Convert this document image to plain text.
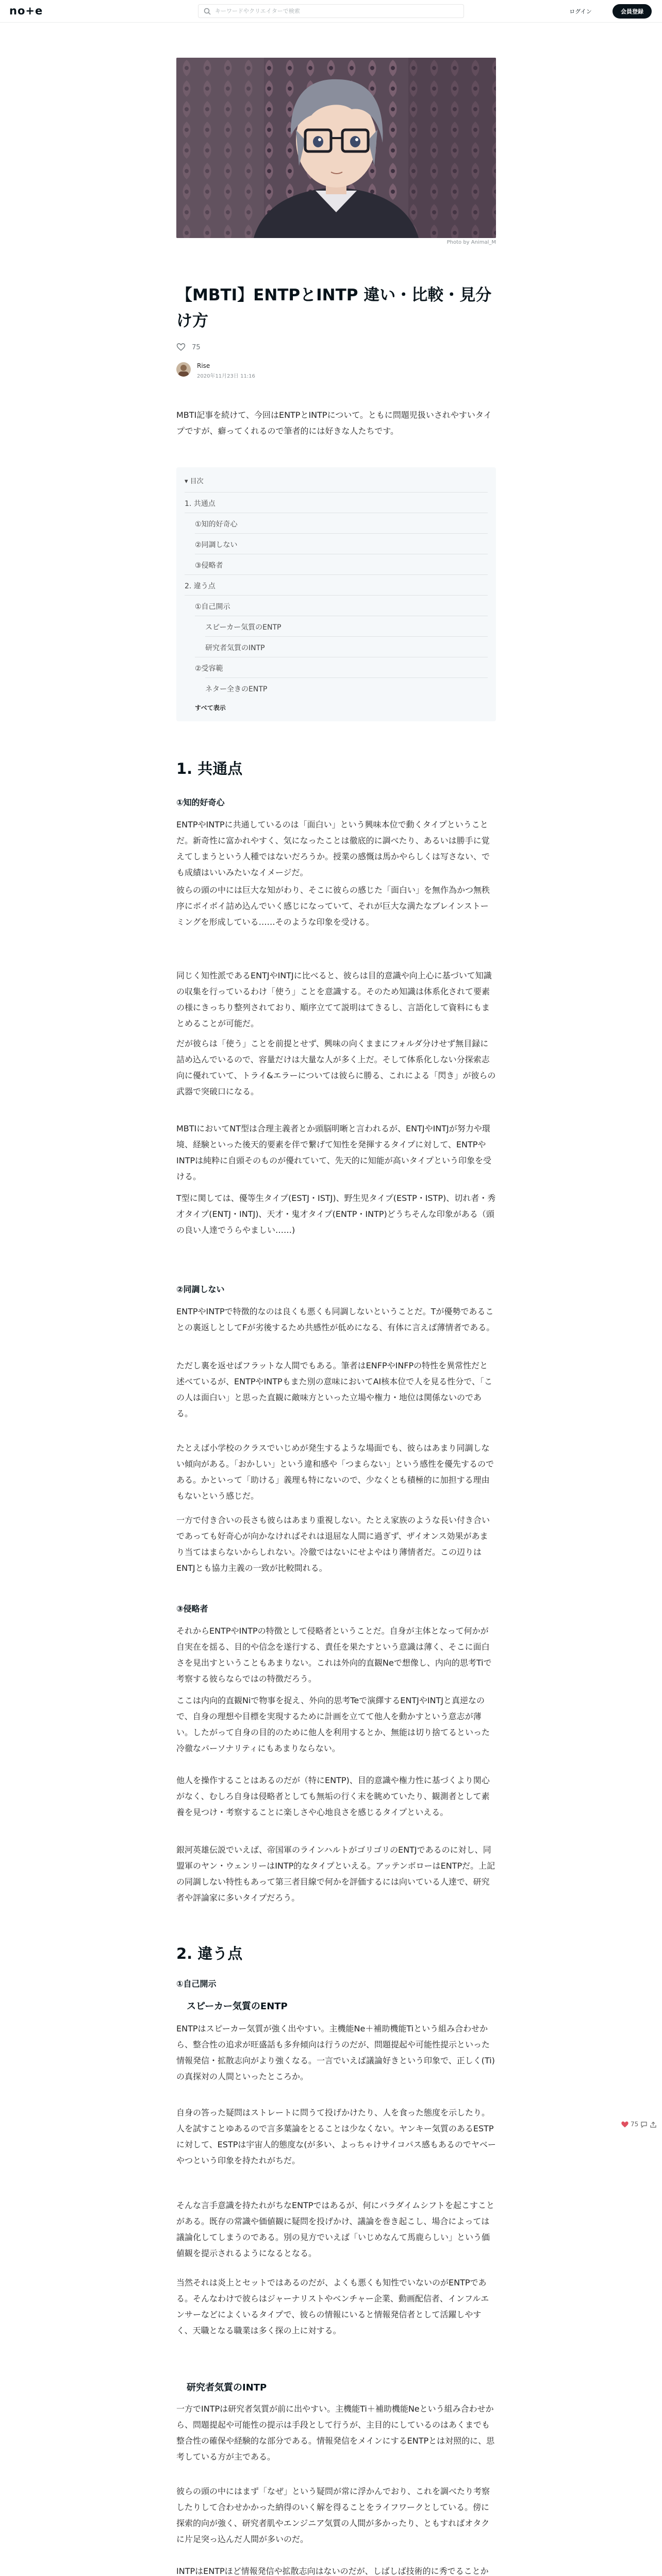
no+e
キーワードやクリエイターで検索	ログイン	会員登録
Photo by Animal_M
【MBTI】ENTPとINTP 違い・比較・見分け方
75
Rise
2020年11月23日 11:16

MBTI記事を続けて、今回はENTPとINTPについて。ともに問題児扱いされやすいタイプですが、癖ってくれるので筆者的には好きな人たちです。

▾ 目次
1. 共通点
①知的好奇心
②同調しない
③侵略者
2. 違う点
①自己開示
スピーカー気質のENTP
研究者気質のINTP
②受容範
ネター全きのENTP
すべて表示
1. 共通点
①知的好奇心

ENTPやINTPに共通しているのは「面白い」という興味本位で動くタイプということだ。新奇性に富かれやすく、気になったことは徹底的に調べたり、あるいは勝手に覚えてしまうという人種ではないだろうか。授業の感慨は馬かやらしくは写さない、でも成績はいいみたいなイメージだ。

彼らの頭の中には巨大な知がわり、そこに彼らの感じた「面白い」を無作為かつ無秩序にボイボイ詰め込んでいく感じになっていて、それが巨大な満たなブレインストーミングを形成している……そのような印象を受ける。

同じく知性派であるENTJやINTJに比べると、彼らは目的意識や向上心に基づいて知識の収集を行っているわけ「使う」ことを意識する。そのため知識は体系化されて要素の様にきっちり整列されており、順序立てて説明はてきるし、言語化して資料にもまとめることが可能だ。

だが彼らは「使う」ことを前提とせず、興味の向くままにフォルダ分けせず無目録に詰め込んでいるので、容量だけは大量な人が多く上だ。そして体系化しない分探索志向に優れていて、トライ&エラーについては彼らに勝る、これによる「閃き」が彼らの武器で突破口になる。

MBTIにおいてNT型は合理主義者とか頭脳明晰と言われるが、ENTJやINTJが努力や環境、経験といった後天的要素を伴で繋げて知性を発揮するタイプに対して、ENTPやINTPは純粋に自頭そのものが優れていて、先天的に知能が高いタイプという印象を受ける。

T型に関しては、優等生タイプ(ESTJ・ISTJ)、野生児タイプ(ESTP・ISTP)、切れ者・秀才タイプ(ENTJ・INTJ)、天才・鬼才タイプ(ENTP・INTP)どうちそんな印象がある（頭の良い人達でうらやましい……)

②同調しない

ENTPやINTPで特徴的なのは良くも悪くも同調しないということだ。Tが優勢であることの裏返しとしてFが劣後するため共感性が低めになる、有体に言えば薄情者である。

ただし裏を返せばフラットな人間でもある。筆者はENFPやINFPの特性を異常性だと述べているが、ENTPやINTPもまた別の意味においてAI核本位で人を見る性分で、「この人は面白い」と思った直観に敵味方といった立場や権力・地位は関係ないのである。

たとえば小学校のクラスでいじめが発生するような場面でも、彼らはあまり同調しない傾向がある。「おかしい」という違和感や「つまらない」という感性を優先するのである。かといって「助ける」義理も特にないので、少なくとも積極的に加担する理由もないという感じだ。

一方で付き合いの長さも彼らはあまり重視しない。たとえ家族のような長い付き合いであっても好奇心が向かなければそれは退屈な人間に過ぎず、ザイオンス効果があまり当てはまらないからしれない。冷徹ではないにせよやはり薄情者だ。この辺りはENTJとも協力主義の一致が比較間れる。

③侵略者

それからENTPやINTPの特徴として侵略者ということだ。自身が主体となって何かが自実在を揺る、目的や信念を遂行する、責任を果たすという意識は薄く、そこに面白さを見出すということもあまりない。これは外向的直観Neで想像し、内向的思考Tiで考察する彼らならではの特徴だろう。

ここは内向的直観Niで物事を捉え、外向的思考Teで演繹するENTJやINTJと真逆なので、自身の理想や目標を実現するために計画を立てて他人を動かすという意志が薄い。したがって自身の目的のために他人を利用するとか、無能は切り捨てるといった冷徹なパーソナリティにもあまりならない。

他人を操作することはあるのだが（特にENTP)、目的意識や権力性に基づくより関心がなく、むしろ自身は侵略者としても無垢の行く末を眺めていたり、観測者として素養を見つけ・考察することに楽しさや心地良さを感じるタイプといえる。

銀河英雄伝説でいえば、帝国軍のラインハルトがゴリゴリのENTJであるのに対し、同盟軍のヤン・ウェンリーはINTP的なタイプといえる。アッテンボローはENTPだ。上記の同調しない特性もあって第三者目線で何かを評価するには向いている人達で、研究者や評論家に多いタイプだろう。

2. 違う点
①自己開示
スピーカー気質のENTP

ENTPはスピーカー気質が強く出やすい。主機能Ne＋補助機能Tiという組み合わせから、整合性の追求が旺盛話も多弁傾向は行うのだが、問題提起や可能性提示といった情報発信・拡散志向がより強くなる。一言でいえば議論好きという印象で、正しく(Ti)の真探対の人間といったところか。

自身の答った疑問はストレートに問うて投げかけたり、人を食った態度を示したり。人を試すことゆあるので言多葉論をとることは少なくない。ヤンキー気質のあるESTPに対して、ESTPは宇宙人的態度な(が多い、よっちゃけサイコパス感もあるのでヤベーやつという印象を持たれがちだ。

そんな言手意識を持たれがちなENTPではあるが、何にパラダイムシフトを起こすことがある。既存の常識や価値観に疑問を投げかけ、議論を巻き起こし、場合によっては議論化してしまうのである。別の見方でいえば「いじめなんて馬鹿らしい」という価値観を提示されるようになるとなる。

当然それは炎上とセットではあるのだが、よくも悪くも知性でいないのがENTPである。そんなわけで彼らはジャーナリストやベンチャー企業、動画配信者、インフルエンサーなどによくいるタイプで、彼らの情報にいると情報発信者として活躍しやすく、天職となる職業は多く探の上に対する。

研究者気質のINTP

一方でINTPは研究者気質が前に出やすい。主機能Ti＋補助機能Neという組み合わせから、問題提起や可能性の提示は手段として行うが、主目的にしているのはあくまでも整合性の確保や経験的な部分である。情報発信をメインにするENTPとは対照的に、思考している方が主である。

彼らの頭の中にはまず「なぜ」という疑問が常に浮かんでおり、これを調べたり考察したりして合わせかかった納得のいく解を得ることをライフワークとしている。傍に探索的向が強く、研究者肌やエンジニア気質の人間が多かったり、ともすればオタクに片足突っ込んだ人間が多いのだ。

INTPはENTPほど情報発信や拡散志向はないのだが、しばしば技術的に秀でることか

75
